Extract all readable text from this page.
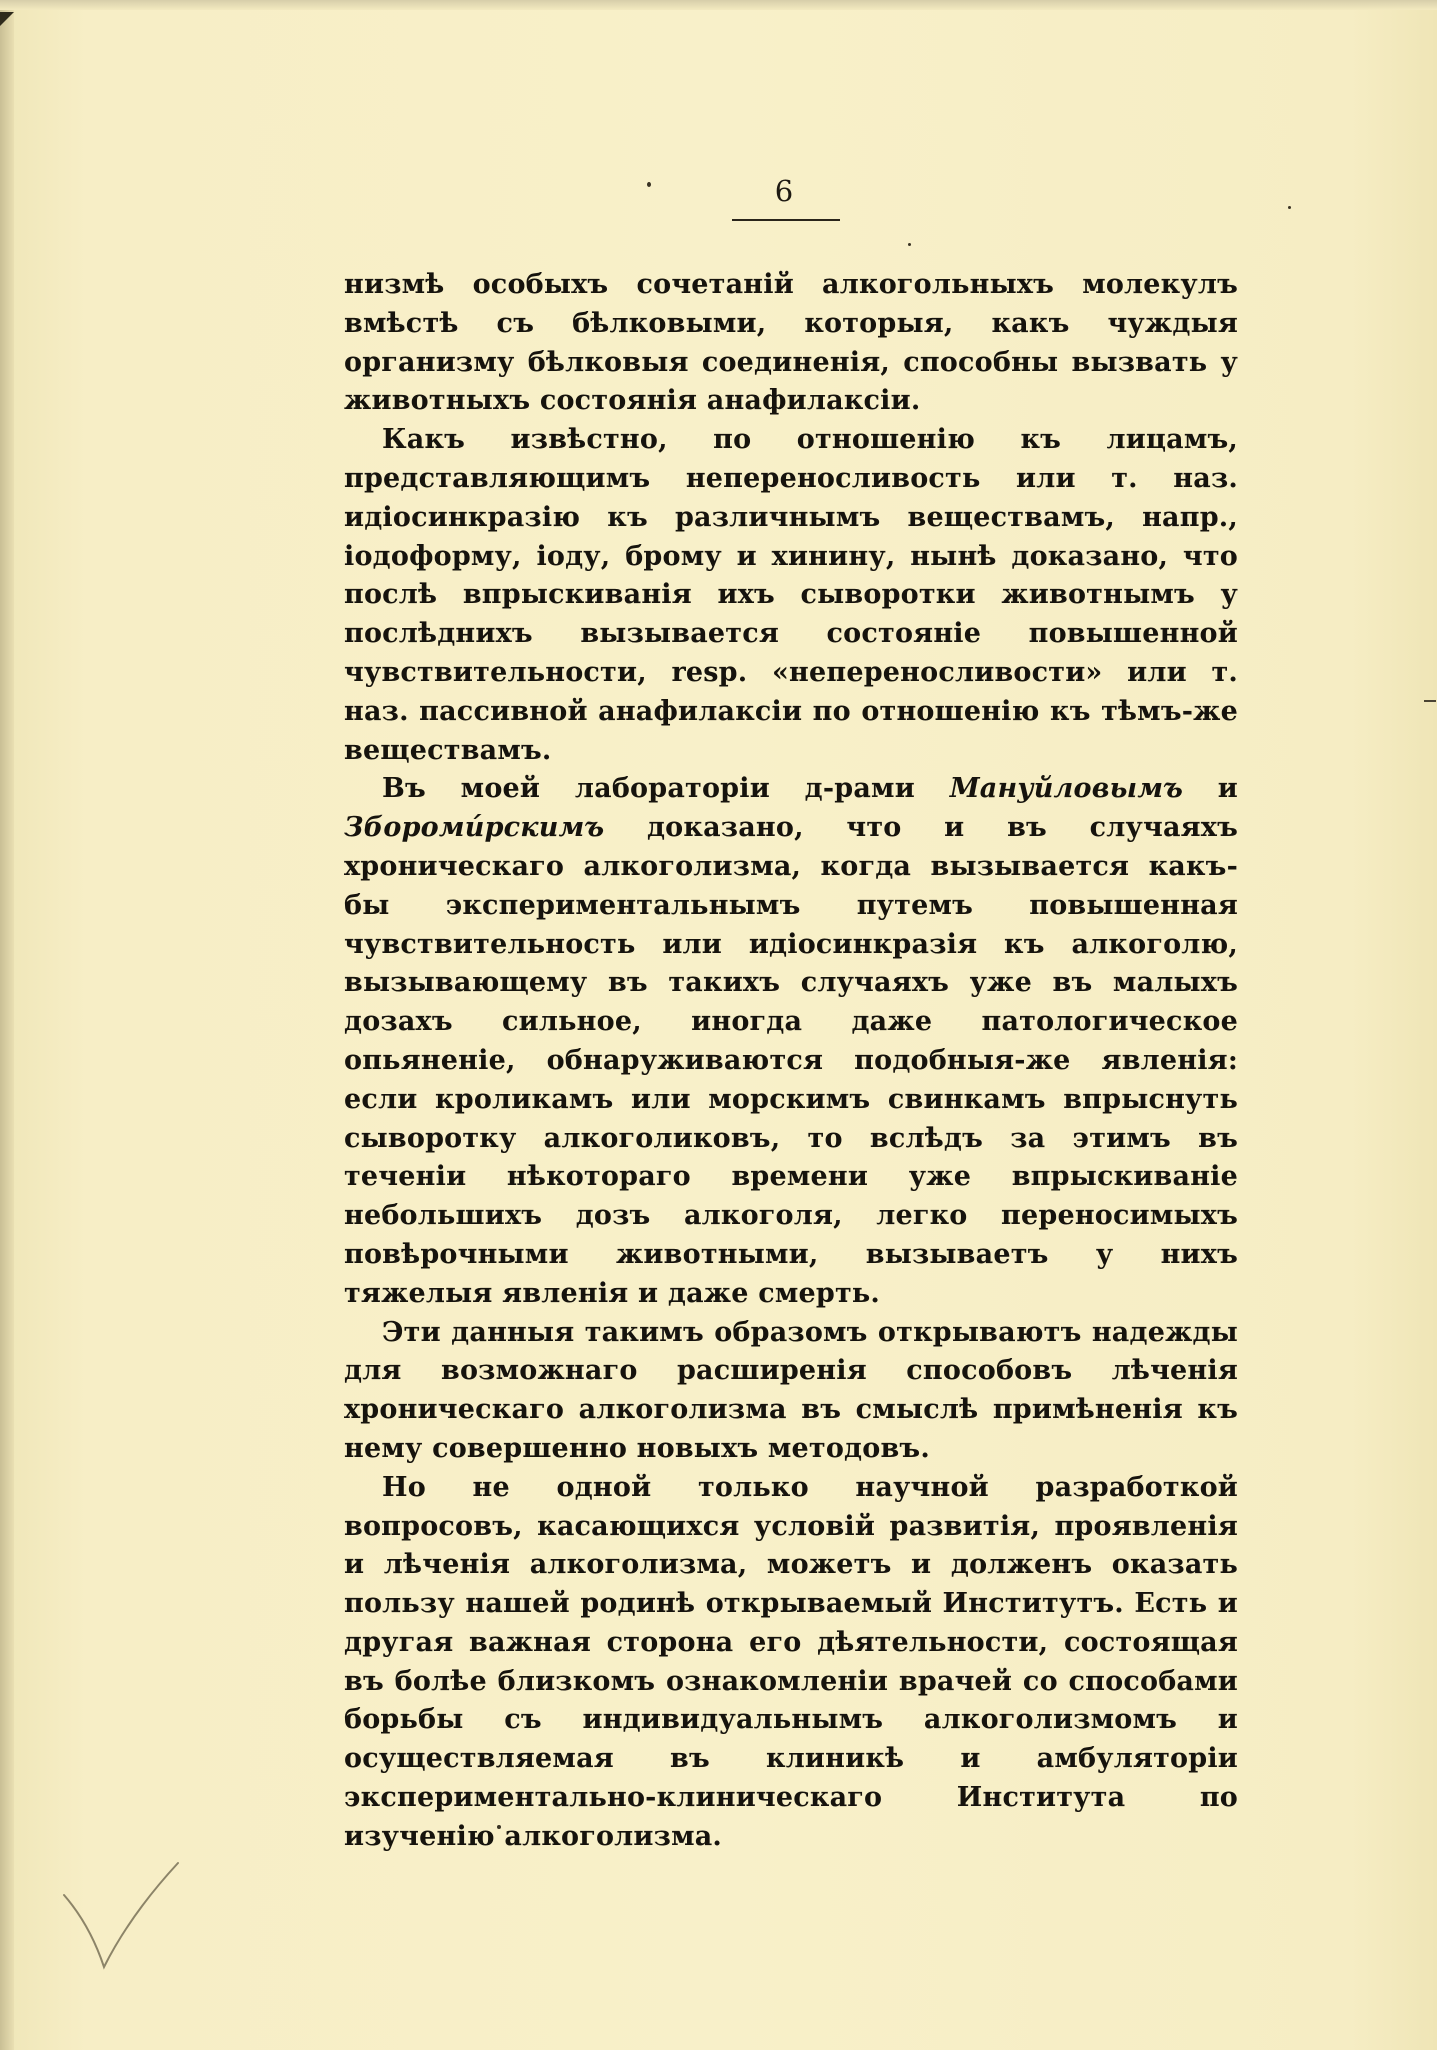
6

низмѣ особыхъ сочетаній алкогольныхъ молекулъ вмѣстѣ съ бѣлковыми, которыя, какъ чуждыя организму бѣлковыя соединенія, способны вызвать у животныхъ состоянія анафилаксіи.

Какъ извѣстно, по отношенію къ лицамъ, представляющимъ непереносливость или т. наз. идіосинкразію къ различнымъ веществамъ, напр., іодоформу, іоду, брому и хинину, нынѣ доказано, что послѣ впрыскиванія ихъ сыворотки животнымъ у послѣднихъ вызывается состояніе повышенной чувствительности, resp. «непереносливости» или т. наз. пассивной анафилаксіи по отношенію къ тѣмъ-же веществамъ.

Въ моей лабораторіи д-рами Мануйловымъ и Збороми́рскимъ доказано, что и въ случаяхъ хроническаго алкоголизма, когда вызывается какъ-бы экспериментальнымъ путемъ повышенная чувствительность или идіосинкразія къ алкоголю, вызывающему въ такихъ случаяхъ уже въ малыхъ дозахъ сильное, иногда даже патологическое опьяненіе, обнаруживаются подобныя-же явленія: если кроликамъ или морскимъ свинкамъ впрыснуть сыворотку алкоголиковъ, то вслѣдъ за этимъ въ теченіи нѣкотораго времени уже впрыскиваніе небольшихъ дозъ алкоголя, легко переносимыхъ повѣрочными животными, вызываетъ у нихъ тяжелыя явленія и даже смерть.

Эти данныя такимъ образомъ открываютъ надежды для возможнаго расширенія способовъ лѣченія хроническаго алкоголизма въ смыслѣ примѣненія къ нему совершенно новыхъ методовъ.

Но не одной только научной разработкой вопросовъ, касающихся условій развитія, проявленія и лѣченія алкоголизма, можетъ и долженъ оказать пользу нашей родинѣ открываемый Институтъ. Есть и другая важная сторона его дѣятельности, состоящая въ болѣе близкомъ ознакомленіи врачей со способами борьбы съ индивидуальнымъ алкоголизмомъ и осуществляемая въ клиникѣ и амбуляторіи экспериментально-клиническаго Института по изученію алкоголизма.
